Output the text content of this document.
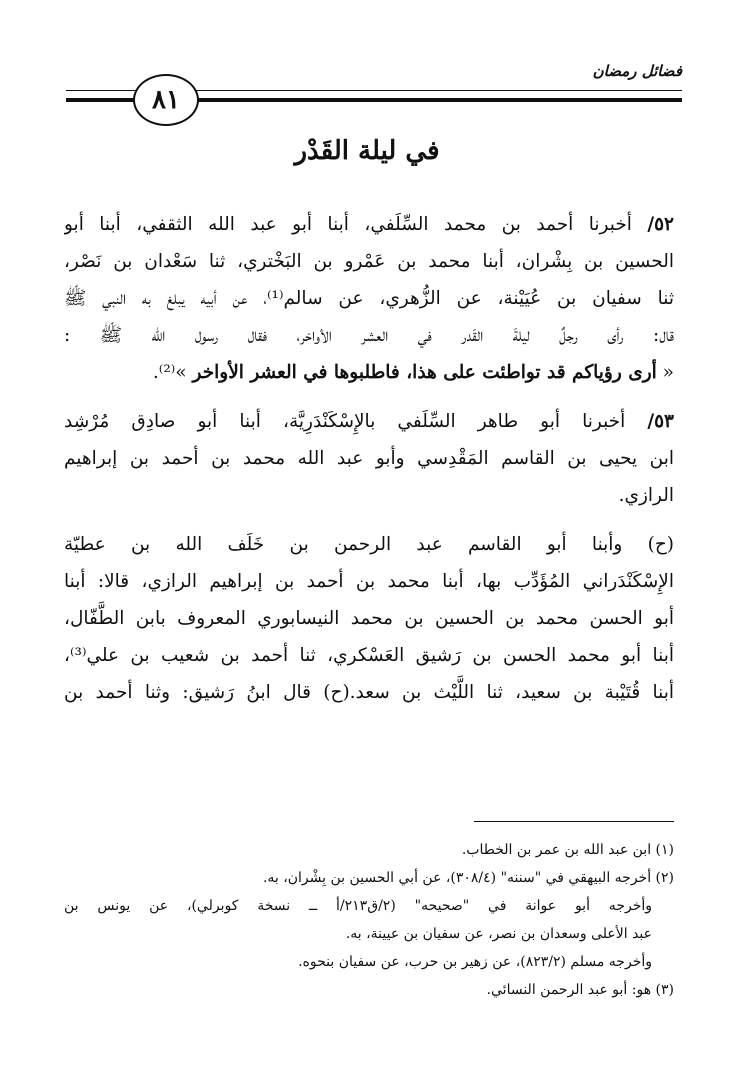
فضائل رمضان
٨١
في ليلة القَدْر
٥٢/ أخبرنا أحمد بن محمد السِّلَفي، أبنا أبو عبد الله الثقفي، أبنا أبو
الحسين بن بِشْران، أبنا محمد بن عَمْرو بن البَخْتري، ثنا سَعْدان بن نَصْر،
ثنا سفيان بن عُيَيْنة، عن الزُّهري، عن سالم⁽¹⁾، عن أبيه يبلغ به النبي ﷺ
قال: رأى رجلٌ ليلةَ القَدر في العشر الأواخر، فقال رسول الله ﷺ :
« أرى رؤياكم قد تواطئت على هذا، فاطلبوها في العشر الأواخر »⁽²⁾.
٥٣/ أخبرنا أبو طاهر السِّلَفي بالإِسْكَنْدَرِيَّة، أبنا أبو صادِق مُرْشِد
ابن يحيى بن القاسم المَقْدِسي وأبو عبد الله محمد بن أحمد بن إبراهيم
الرازي.
(ح) وأبنا أبو القاسم عبد الرحمن بن خَلَف الله بن عطيّة
الإِسْكَنْدَراني المُؤَدِّب بها، أبنا محمد بن أحمد بن إبراهيم الرازي، قالا: أبنا
أبو الحسن محمد بن الحسين بن محمد النيسابوري المعروف بابن الطَّفّال،
أبنا أبو محمد الحسن بن رَشيق العَسْكري، ثنا أحمد بن شعيب بن علي⁽³⁾،
أبنا قُتَيْبة بن سعيد، ثنا اللَّيْث بن سعد.(ح) قال ابنُ رَشيق: وثنا أحمد بن
(١) ابن عبد الله بن عمر بن الخطاب.
(٢) أخرجه البيهقي في "سننه" (٣٠٨/٤)، عن أبي الحسين بن بِشْران، به.
وأخرجه أبو عوانة في "صحيحه" (٢/ق٢١٣/أ ــ نسخة كوبرلي)، عن يونس بن
عبد الأعلى وسعدان بن نصر، عن سفيان بن عيينة، به.
وأخرجه مسلم (٨٢٣/٢)، عن زهير بن حرب، عن سفيان بنحوه.
(٣) هو: أبو عبد الرحمن النسائي.
